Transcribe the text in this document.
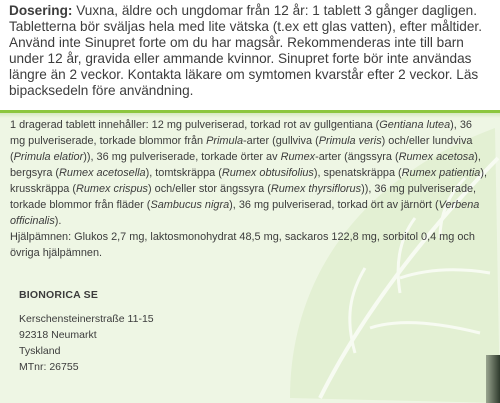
Dosering: Vuxna, äldre och ungdomar från 12 år: 1 tablett 3 gånger dagligen. Tabletterna bör sväljas hela med lite vätska (t.ex ett glas vatten), efter måltider. Använd inte Sinupret forte om du har magsår. Rekommenderas inte till barn under 12 år, gravida eller ammande kvinnor. Sinupret forte bör inte användas längre än 2 veckor. Kontakta läkare om symtomen kvarstår efter 2 veckor. Läs bipacksedeln före användning.

1 dragerad tablett innehåller: 12 mg pulveriserad, torkad rot av gullgentiana (Gentiana lutea), 36 mg pulveriserade, torkade blommor från Primula-arter (gullviva (Primula veris) och/eller lundviva (Primula elatior)), 36 mg pulveriserade, torkade örter av Rumex-arter (ängssyra (Rumex acetosa), bergsyra (Rumex acetosella), tomtskräppa (Rumex obtusifolius), spenatskräppa (Rumex patientia), krusskräppa (Rumex crispus) och/eller stor ängssyra (Rumex thyrsiflorus)), 36 mg pulveriserade, torkade blommor från fläder (Sambucus nigra), 36 mg pulveriserad, torkad ört av järnört (Verbena officinalis).

Hjälpämnen: Glukos 2,7 mg, laktosmonohydrat 48,5 mg, sackaros 122,8 mg, sorbitol 0,4 mg och övriga hjälpämnen.

BIONORICA SE

Kerschensteinerstraße 11-15

92318 Neumarkt

Tyskland

MTnr: 26755
